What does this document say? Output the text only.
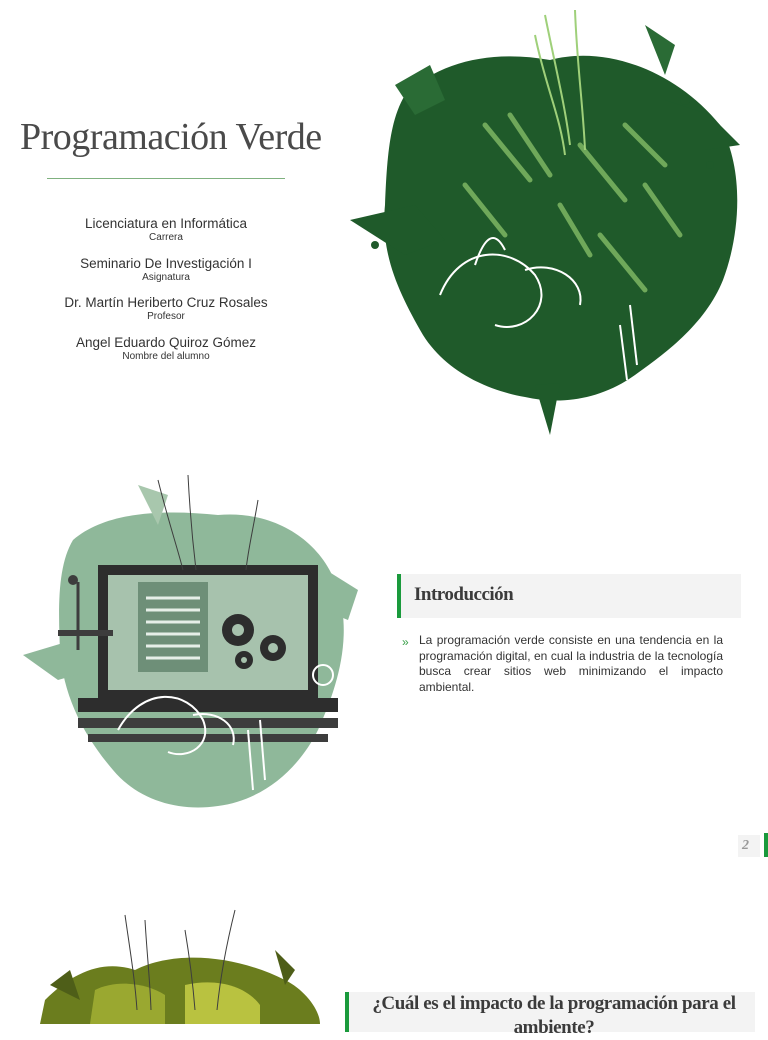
Programación Verde
Licenciatura en Informática
Carrera
Seminario De Investigación I
Asignatura
Dr. Martín Heriberto Cruz Rosales
Profesor
Angel Eduardo Quiroz Gómez
Nombre del alumno
Introducción
» La programación verde consiste en una tendencia en la programación digital, en cual la industria de la tecnología busca crear sitios web minimizando el impacto ambiental.
2
¿Cuál es el impacto de la programación para el ambiente?
